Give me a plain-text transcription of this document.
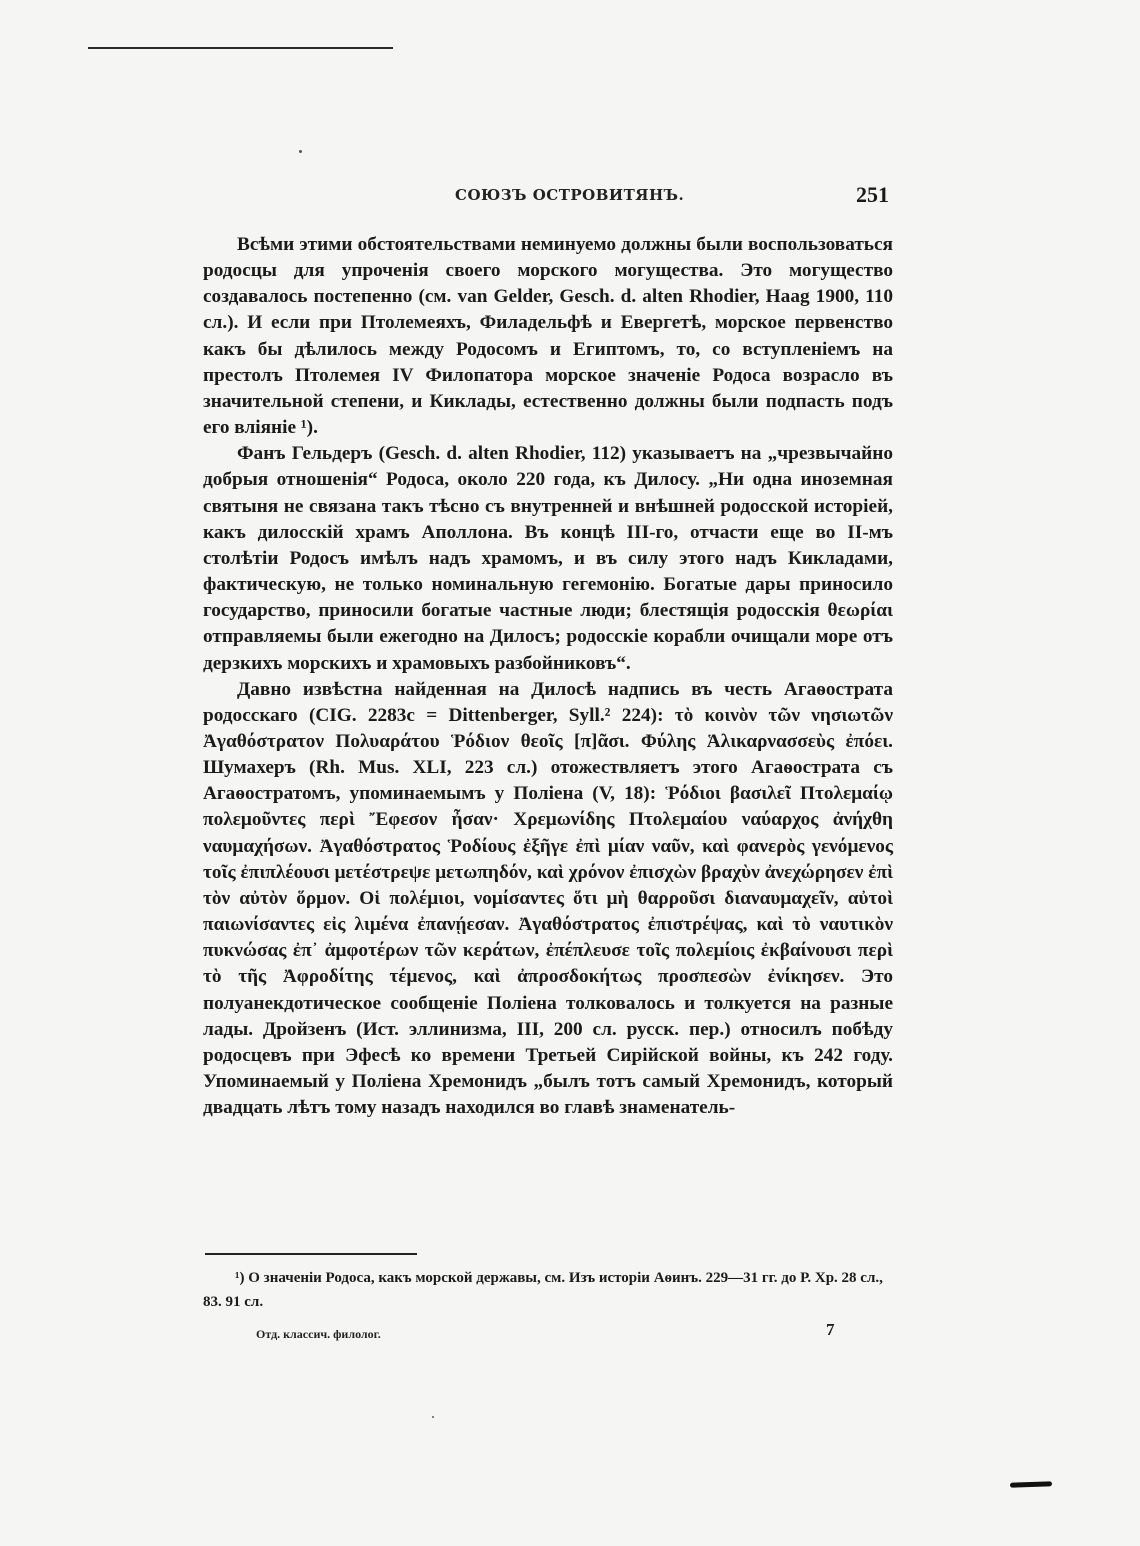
СОЮЗЪ ОСТРОВИТЯНЪ.	251

Всѣми этими обстоятельствами неминуемо должны были воспользоваться родосцы для упроченія своего морского могущества. Это могущество создавалось постепенно (см. van Gelder, Gesch. d. alten Rhodier, Haag 1900, 110 сл.). И если при Птолемеяхъ, Филадельфѣ и Евергетѣ, морское первенство какъ бы дѣлилось между Родосомъ и Египтомъ, то, со вступленіемъ на престолъ Птолемея IV Филопатора морское значеніе Родоса возрасло въ значительной степени, и Киклады, естественно должны были подпасть подъ его вліяніе ¹).

Фанъ Гельдеръ (Gesch. d. alten Rhodier, 112) указываетъ на „чрезвычайно добрыя отношенія“ Родоса, около 220 года, къ Дилосу. „Ни одна иноземная святыня не связана такъ тѣсно съ внутренней и внѣшней родосской исторіей, какъ дилосскій храмъ Аполлона. Въ концѣ III-го, отчасти еще во II-мъ столѣтіи Родосъ имѣлъ надъ храмомъ, и въ силу этого надъ Кикладами, фактическую, не только номинальную гегемонію. Богатые дары приносило государство, приносили богатые частные люди; блестящія родосскія θεωρίαι отправляемы были ежегодно на Дилосъ; родосскіе корабли очищали море отъ дерзкихъ морскихъ и храмовыхъ разбойниковъ“.

Давно извѣстна найденная на Дилосѣ надпись въ честь Агаѳострата родосскаго (CIG. 2283c = Dittenberger, Syll.² 224): τὸ κοινὸν τῶν νησιωτῶν Ἀγαθόστρατον Πολυαράτου Ῥόδιον θεοῖς [π]ᾶσι. Φύλης Ἁλικαρνασσεὺς ἐπόει. Шумахеръ (Rh. Mus. XLI, 223 сл.) отожествляетъ этого Агаѳострата съ Агаѳостратомъ, упоминаемымъ у Поліена (V, 18): Ῥόδιοι βασιλεῖ Πτολεμαίῳ πολεμοῦντες περὶ Ἔφεσον ἦσαν· Χρεμωνίδης Πτολεμαίου ναύαρχος ἀνήχθη ναυμαχήσων. Ἀγαθόστρατος Ῥοδίους ἐξῆγε ἐπὶ μίαν ναῦν, καὶ φανερὸς γενόμενος τοῖς ἐπιπλέουσι μετέστρεψε μετωπηδόν, καὶ χρόνον ἐπισχὼν βραχὺν ἀνεχώρησεν ἐπὶ τὸν αὐτὸν ὅρμον. Οἱ πολέμιοι, νομίσαντες ὅτι μὴ θαρροῦσι διαναυμαχεῖν, αὐτοὶ παιωνίσαντες εἰς λιμένα ἐπανῄεσαν. Ἀγαθόστρατος ἐπιστρέψας, καὶ τὸ ναυτικὸν πυκνώσας ἐπ᾽ ἀμφοτέρων τῶν κεράτων, ἐπέπλευσε τοῖς πολεμίοις ἐκβαίνουσι περὶ τὸ τῆς Ἀφροδίτης τέμενος, καὶ ἀπροσδοκήτως προσπεσὼν ἐνίκησεν. Это полуанекдотическое сообщеніе Поліена толковалось и толкуется на разные лады. Дройзенъ (Ист. эллинизма, III, 200 сл. русск. пер.) относилъ побѣду родосцевъ при Эфесѣ ко времени Третьей Сирійской войны, къ 242 году. Упоминаемый у Поліена Хремонидъ „былъ тотъ самый Хремонидъ, который двадцать лѣтъ тому назадъ находился во главѣ знаменатель-

¹) О значеніи Родоса, какъ морской державы, см. Изъ исторіи Аѳинъ. 229—31 гг. до Р. Хр. 28 сл., 83. 91 сл.

Отд. классич. филолог.	7
